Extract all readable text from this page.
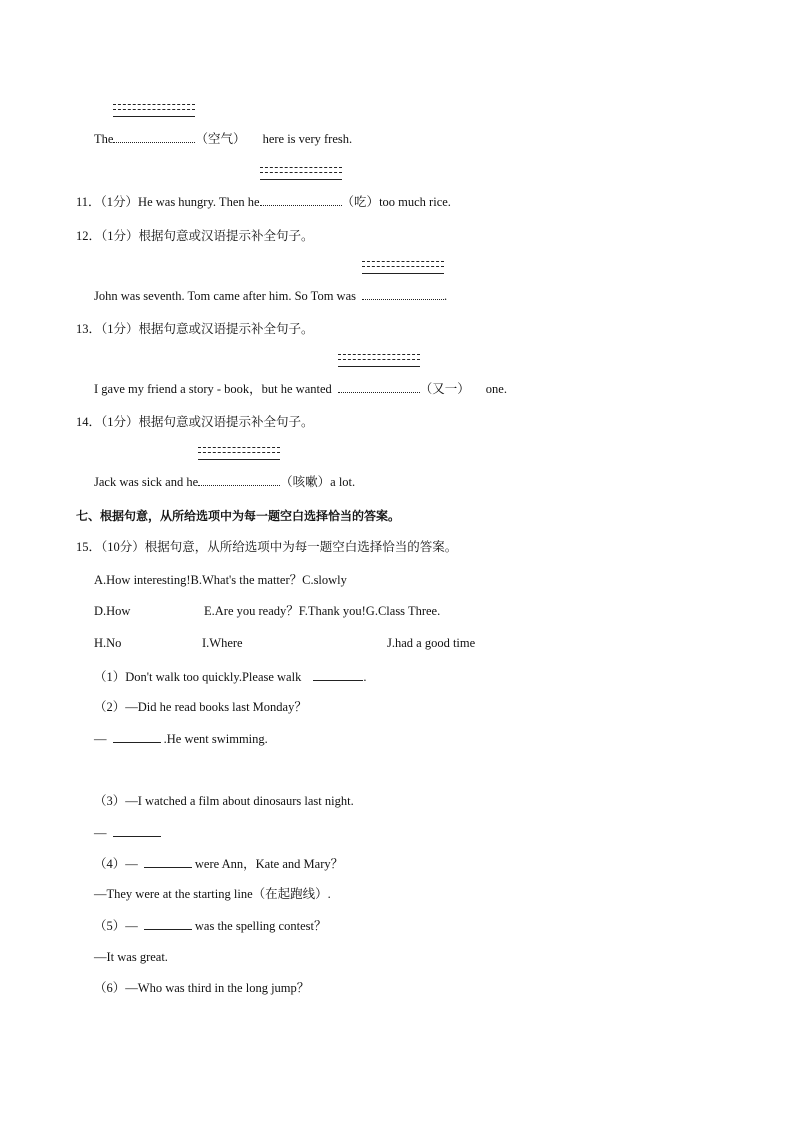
The	（空气） here is very fresh.
11．（1分）He was hungry. Then he	（吃）too much rice.
12．（1分）根据句意或汉语提示补全句子。
John was seventh. Tom came after him. So Tom was	.
13．（1分）根据句意或汉语提示补全句子。
I gave my friend a story - book，but he wanted	（又一） one.
14．（1分）根据句意或汉语提示补全句子。
Jack was sick and he	（咳嗽）a lot.
七、根据句意，从所给选项中为每一题空白选择恰当的答案。
15．（10分）根据句意，从所给选项中为每一题空白选择恰当的答案。
A.How interesting!B.What's the matter？C.slowly
D.How	E.Are you ready？F.Thank you!G.Class Three.
H.No	I.Where	J.had a good time
（1）Don't walk too quickly.Please walk	.
（2）—Did he read books last Monday？
—	.He went swimming.
（3）—I watched a film about dinosaurs last night.
—
（4）—	were Ann，Kate and Mary？
—They were at the starting line（在起跑线）.
（5）—	was the spelling contest？
—It was great.
（6）—Who was third in the long jump？
